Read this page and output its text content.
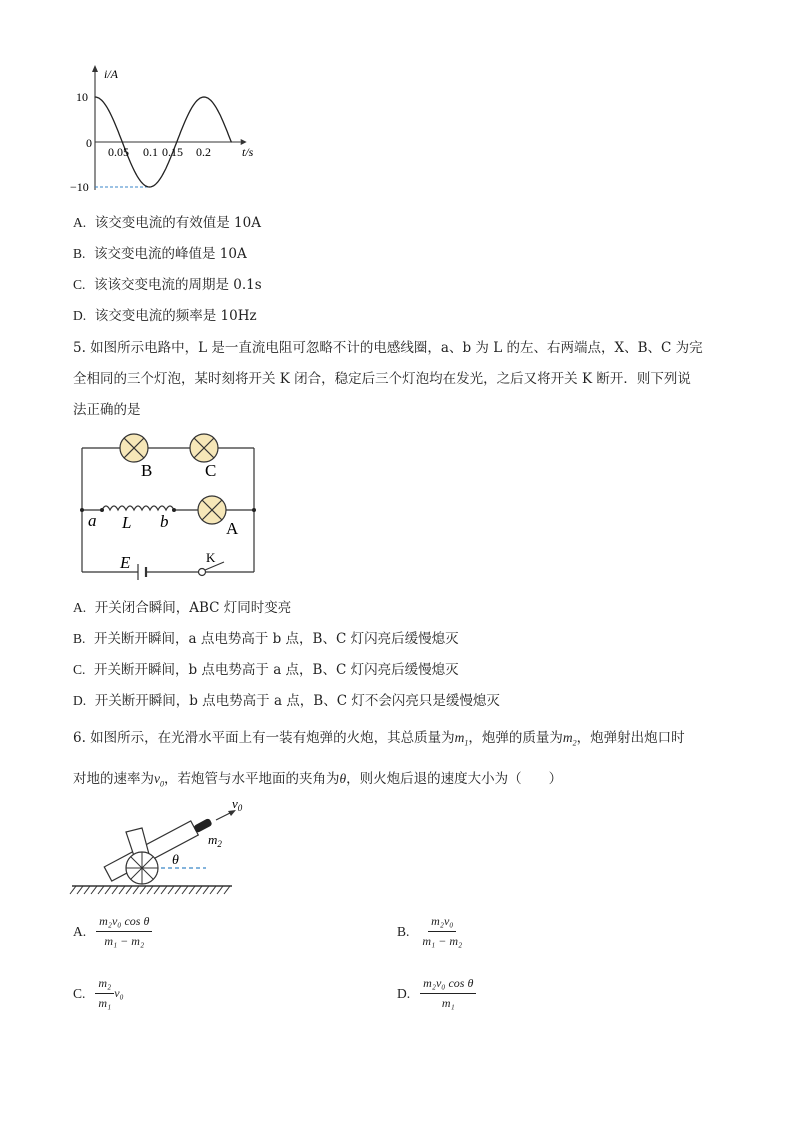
i/A
t/s
10
0
−10
0.05 0.1 0.15 0.2
A. 该交变电流的有效值是 10A
B. 该交变电流的峰值是 10A
C. 该该交变电流的周期是 0.1s
D. 该交变电流的频率是 10Hz
5. 如图所示电路中，L 是一直流电阻可忽略不计的电感线圈，a、b 为 L 的左、右两端点，X、B、C 为完
全相同的三个灯泡，某时刻将开关 K 闭合，稳定后三个灯泡均在发光，之后又将开关 K 断开．则下列说
法正确的是
B	C
A
a L b
E	K
A. 开关闭合瞬间，ABC 灯同时变亮
B. 开关断开瞬间，a 点电势高于 b 点，B、C 灯闪亮后缓慢熄灭
C. 开关断开瞬间，b 点电势高于 a 点，B、C 灯闪亮后缓慢熄灭
D. 开关断开瞬间，b 点电势高于 a 点，B、C 灯不会闪亮只是缓慢熄灭
6. 如图所示，在光滑水平面上有一装有炮弹的火炮，其总质量为$m_1$，炮弹的质量为$m_2$，炮弹射出炮口时
对地的速率为$v_0$，若炮管与水平地面的夹角为θ，则火炮后退的速度大小为（　　）
$v_0$
$m_2$
θ
A. $\frac{\text{m₂v₀ cos θ}}{\text{m₁ − m₂}}$	B. $\frac{\text{m₂v₀}}{\text{m₁ − m₂}}$
C. $\frac{\text{m₂}}{\text{m₁}} v_0$	D. $\frac{\text{m₂v₀ cos θ}}{\text{m₁}}$
